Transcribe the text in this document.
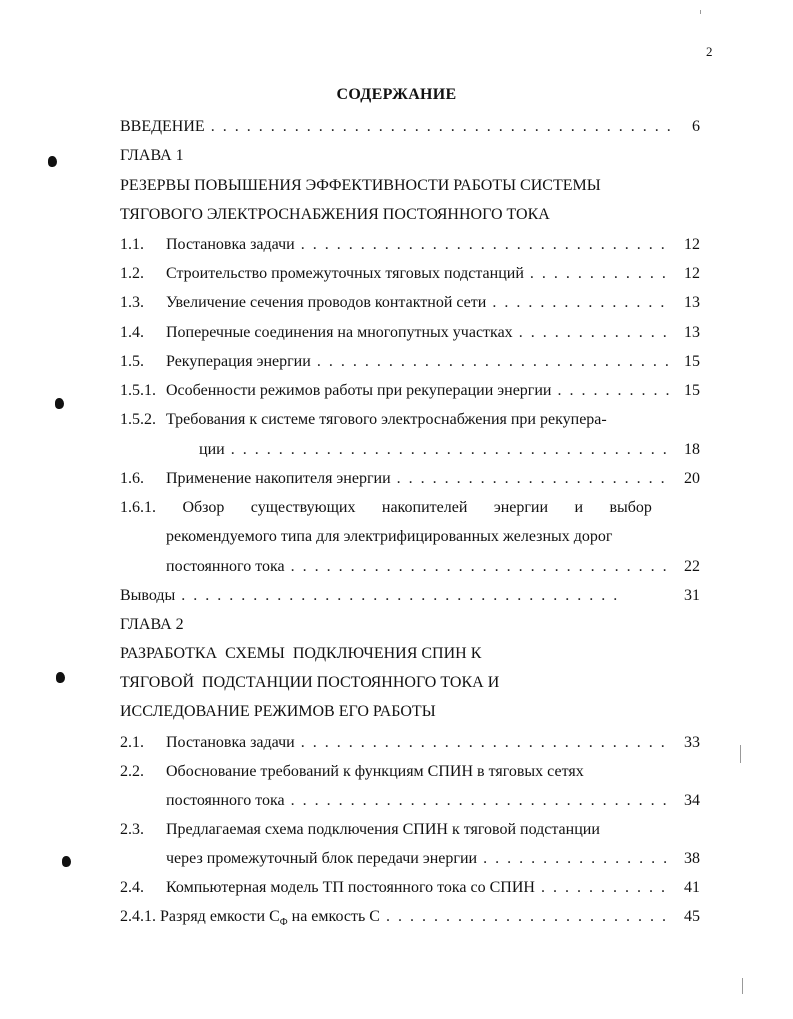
2
СОДЕРЖАНИЕ
ВВЕДЕНИЕ . . .	6
ГЛАВА 1
РЕЗЕРВЫ ПОВЫШЕНИЯ ЭФФЕКТИВНОСТИ РАБОТЫ СИСТЕМЫ
ТЯГОВОГО ЭЛЕКТРОСНАБЖЕНИЯ ПОСТОЯННОГО ТОКА
1.1.	Постановка задачи . . .	12
1.2.	Строительство промежуточных тяговых подстанций . . .	12
1.3.	Увеличение сечения проводов контактной сети . . .	13
1.4.	Поперечные соединения на многопутных участках . . .	13
1.5.	Рекуперация энергии . . .	15
1.5.1. Особенности режимов работы при рекуперации энергии . . .	15
1.5.2. Требования к системе тягового электроснабжения при рекупера-
ции . . .	18
1.6.	Применение накопителя энергии . . .	20
1.6.1. Обзор существующих накопителей энергии и выбор
рекомендуемого типа для электрифицированных железных дорог
постоянного тока . . .	22
Выводы . . .	31
ГЛАВА 2
РАЗРАБОТКА  СХЕМЫ  ПОДКЛЮЧЕНИЯ СПИН К
ТЯГОВОЙ  ПОДСТАНЦИИ ПОСТОЯННОГО ТОКА И
ИССЛЕДОВАНИЕ РЕЖИМОВ ЕГО РАБОТЫ
2.1.	Постановка задачи . . .	33
2.2.	Обоснование требований к функциям СПИН в тяговых сетях
постоянного тока . . .	34
2.3.	Предлагаемая схема подключения СПИН к тяговой подстанции
через промежуточный блок передачи энергии . . .	38
2.4.	Компьютерная модель ТП постоянного тока со СПИН . . .	41
2.4.1. Разряд емкости $С_Ф$ на емкость С . . .	45
